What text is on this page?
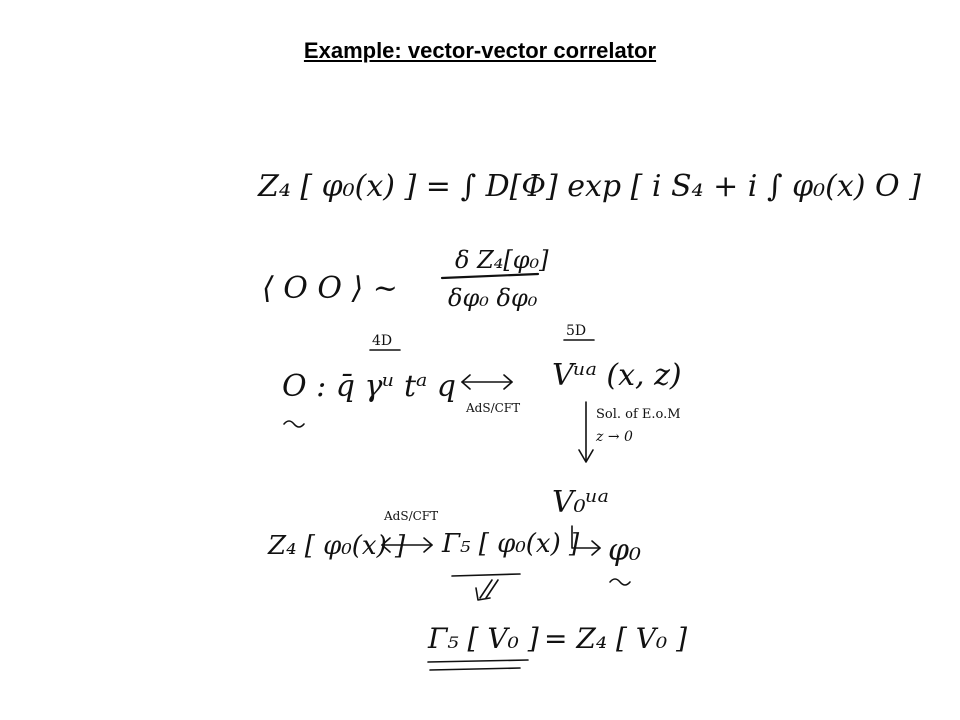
Example: vector-vector correlator
Z₄ [ φ₀(x) ] = ∫ D[Φ] exp [ i S₄ + i ∫ φ₀(x) O ]
⟨ O O ⟩ ~
δ Z₄[φ₀]
δφ₀ δφ₀
4D
5D
O : q̄ γᵘ tᵃ q
AdS/CFT
Vᵘᵃ (x, z)
Sol. of E.o.M
z → 0
V₀ᵘᵃ
AdS/CFT
Z₄ [ φ₀(x) ] Γ₅ [ φ₀(x) ] φ₀
Γ₅ [ V₀ ] = Z₄ [ V₀ ]
